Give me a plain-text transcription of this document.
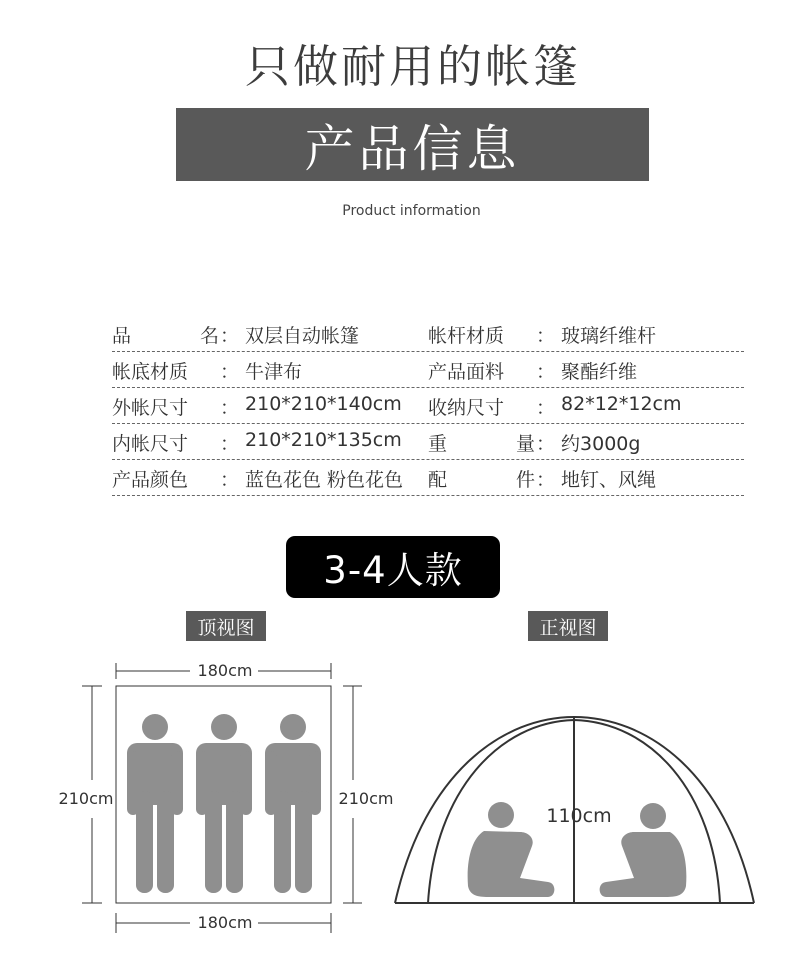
只做耐用的帐篷
产品信息
Product information
品	名 ： 双层自动帐篷	帐杆材质	： 玻璃纤维杆
帐底材质	： 牛津布	产品面料	： 聚酯纤维
外帐尺寸	： 210*210*140cm 收纳尺寸	： 82*12*12cm
内帐尺寸	： 210*210*135cm 重	量 ： 约3000g
产品颜色	： 蓝色花色 粉色花色 配	件 ： 地钉、风绳
3-4人款
顶视图	正视图
180cm
180cm
210cm	210cm
110cm
